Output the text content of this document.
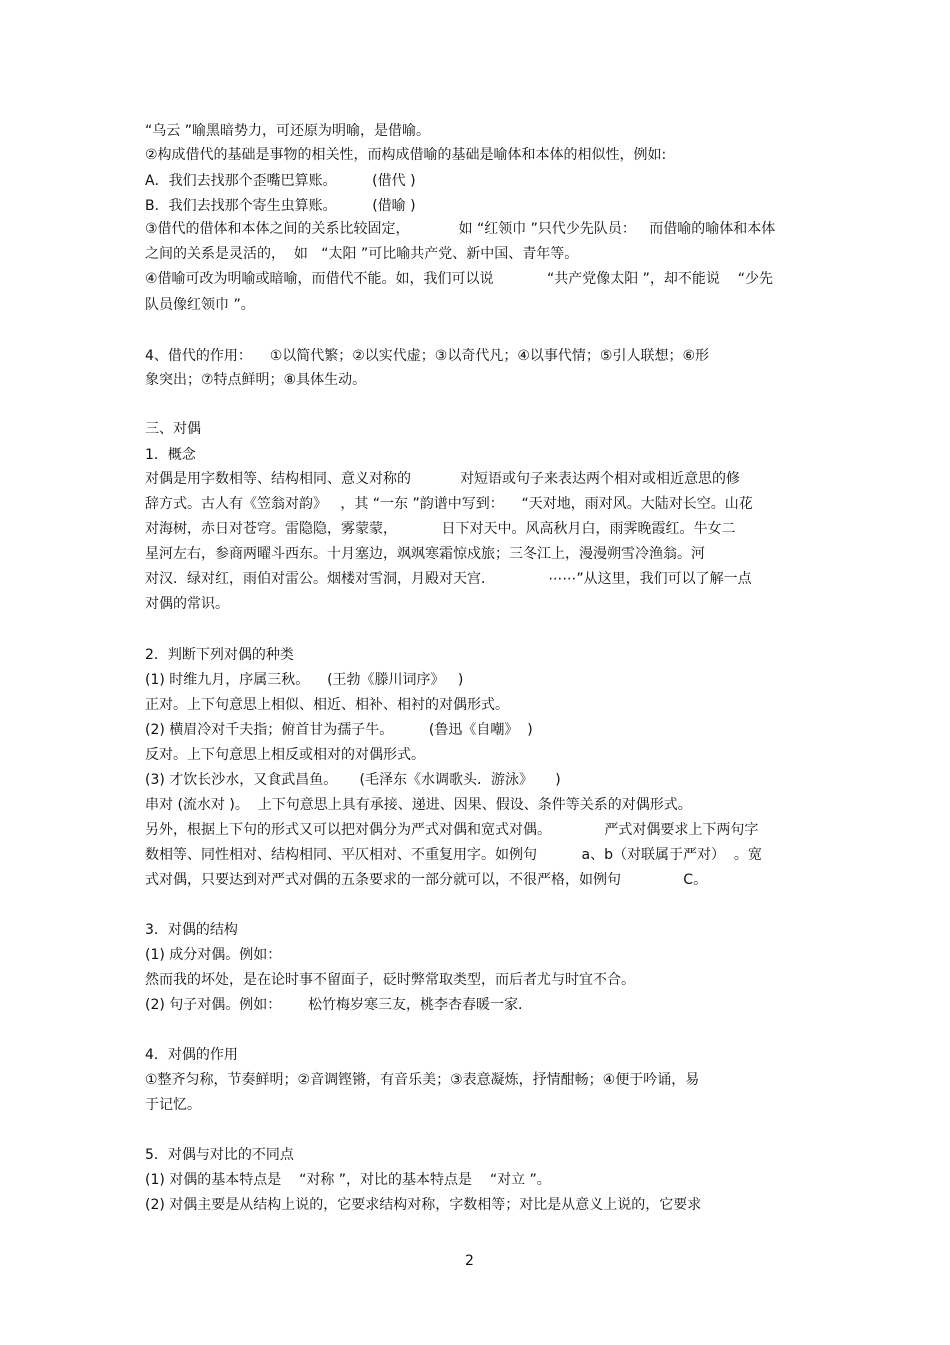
“乌云 ”喻黑暗势力，可还原为明喻，是借喻。

②构成借代的基础是事物的相关性，而构成借喻的基础是喻体和本体的相似性，例如:

A．我们去找那个歪嘴巴算账。        (借代 )

B．我们去找那个寄生虫算账。        (借喻 )

③借代的借体和本体之间的关系比较固定，           如 “红领巾 ”只代少先队员：   而借喻的喻体和本体

之间的关系是灵活的，  如   “太阳 ”可比喻共产党、新中国、青年等。

④借喻可改为明喻或暗喻，而借代不能。如，我们可以说            “共产党像太阳 ”，却不能说    “少先

队员像红领巾 ”。

4、借代的作用：    ①以简代繁；②以实代虚；③以奇代凡；④以事代情；⑤引人联想；⑥形

象突出；⑦特点鲜明；⑧具体生动。

三、对偶

1．概念

对偶是用字数相等、结构相同、意义对称的           对短语或句子来表达两个相对或相近意思的修

辞方式。古人有《笠翁对韵》   ，其 “一东 ”韵谱中写到：    “天对地，雨对风。大陆对长空。山花

对海树，赤日对苍穹。雷隐隐，雾蒙蒙，          日下对天中。风高秋月白，雨霁晚霞红。牛女二

星河左右，参商两曜斗西东。十月塞边，飒飒寒霜惊戍旅；三冬江上，漫漫朔雪冷渔翁。河

对汉．绿对红，雨伯对雷公。烟楼对雪洞，月殿对天宫．            ⋯⋯”从这里，我们可以了解一点

对偶的常识。

2．判断下列对偶的种类

(1) 时维九月，序属三秋。    (王勃《滕川词序》   )

正对。上下句意思上相似、相近、相补、相衬的对偶形式。

(2) 横眉冷对千夫指；俯首甘为孺子牛。        (鲁迅《自嘲》  )

反对。上下句意思上相反或相对的对偶形式。

(3) 才饮长沙水，又食武昌鱼。     (毛泽东《水调歌头．游泳》     )

串对 (流水对 )。  上下句意思上具有承接、递进、因果、假设、条件等关系的对偶形式。

另外，根据上下句的形式又可以把对偶分为严式对偶和宽式对偶。            严式对偶要求上下两句字

数相等、同性相对、结构相同、平仄相对、不重复用字。如例句          a、b（对联属于严对）  。宽

式对偶，只要达到对严式对偶的五条要求的一部分就可以，不很严格，如例句              C。

3．对偶的结构

(1) 成分对偶。例如：

然而我的坏处，是在论时事不留面子，砭时弊常取类型，而后者尤与时宜不合。

(2) 句子对偶。例如：      松竹梅岁寒三友，桃李杏春暖一家.

4．对偶的作用

①整齐匀称，节奏鲜明；②音调铿锵，有音乐美；③表意凝炼，抒情酣畅；④便于吟诵，易

于记忆。

5．对偶与对比的不同点

(1) 对偶的基本特点是    “对称 ”，对比的基本特点是    “对立 ”。

(2) 对偶主要是从结构上说的，它要求结构对称，字数相等；对比是从意义上说的，它要求

2
